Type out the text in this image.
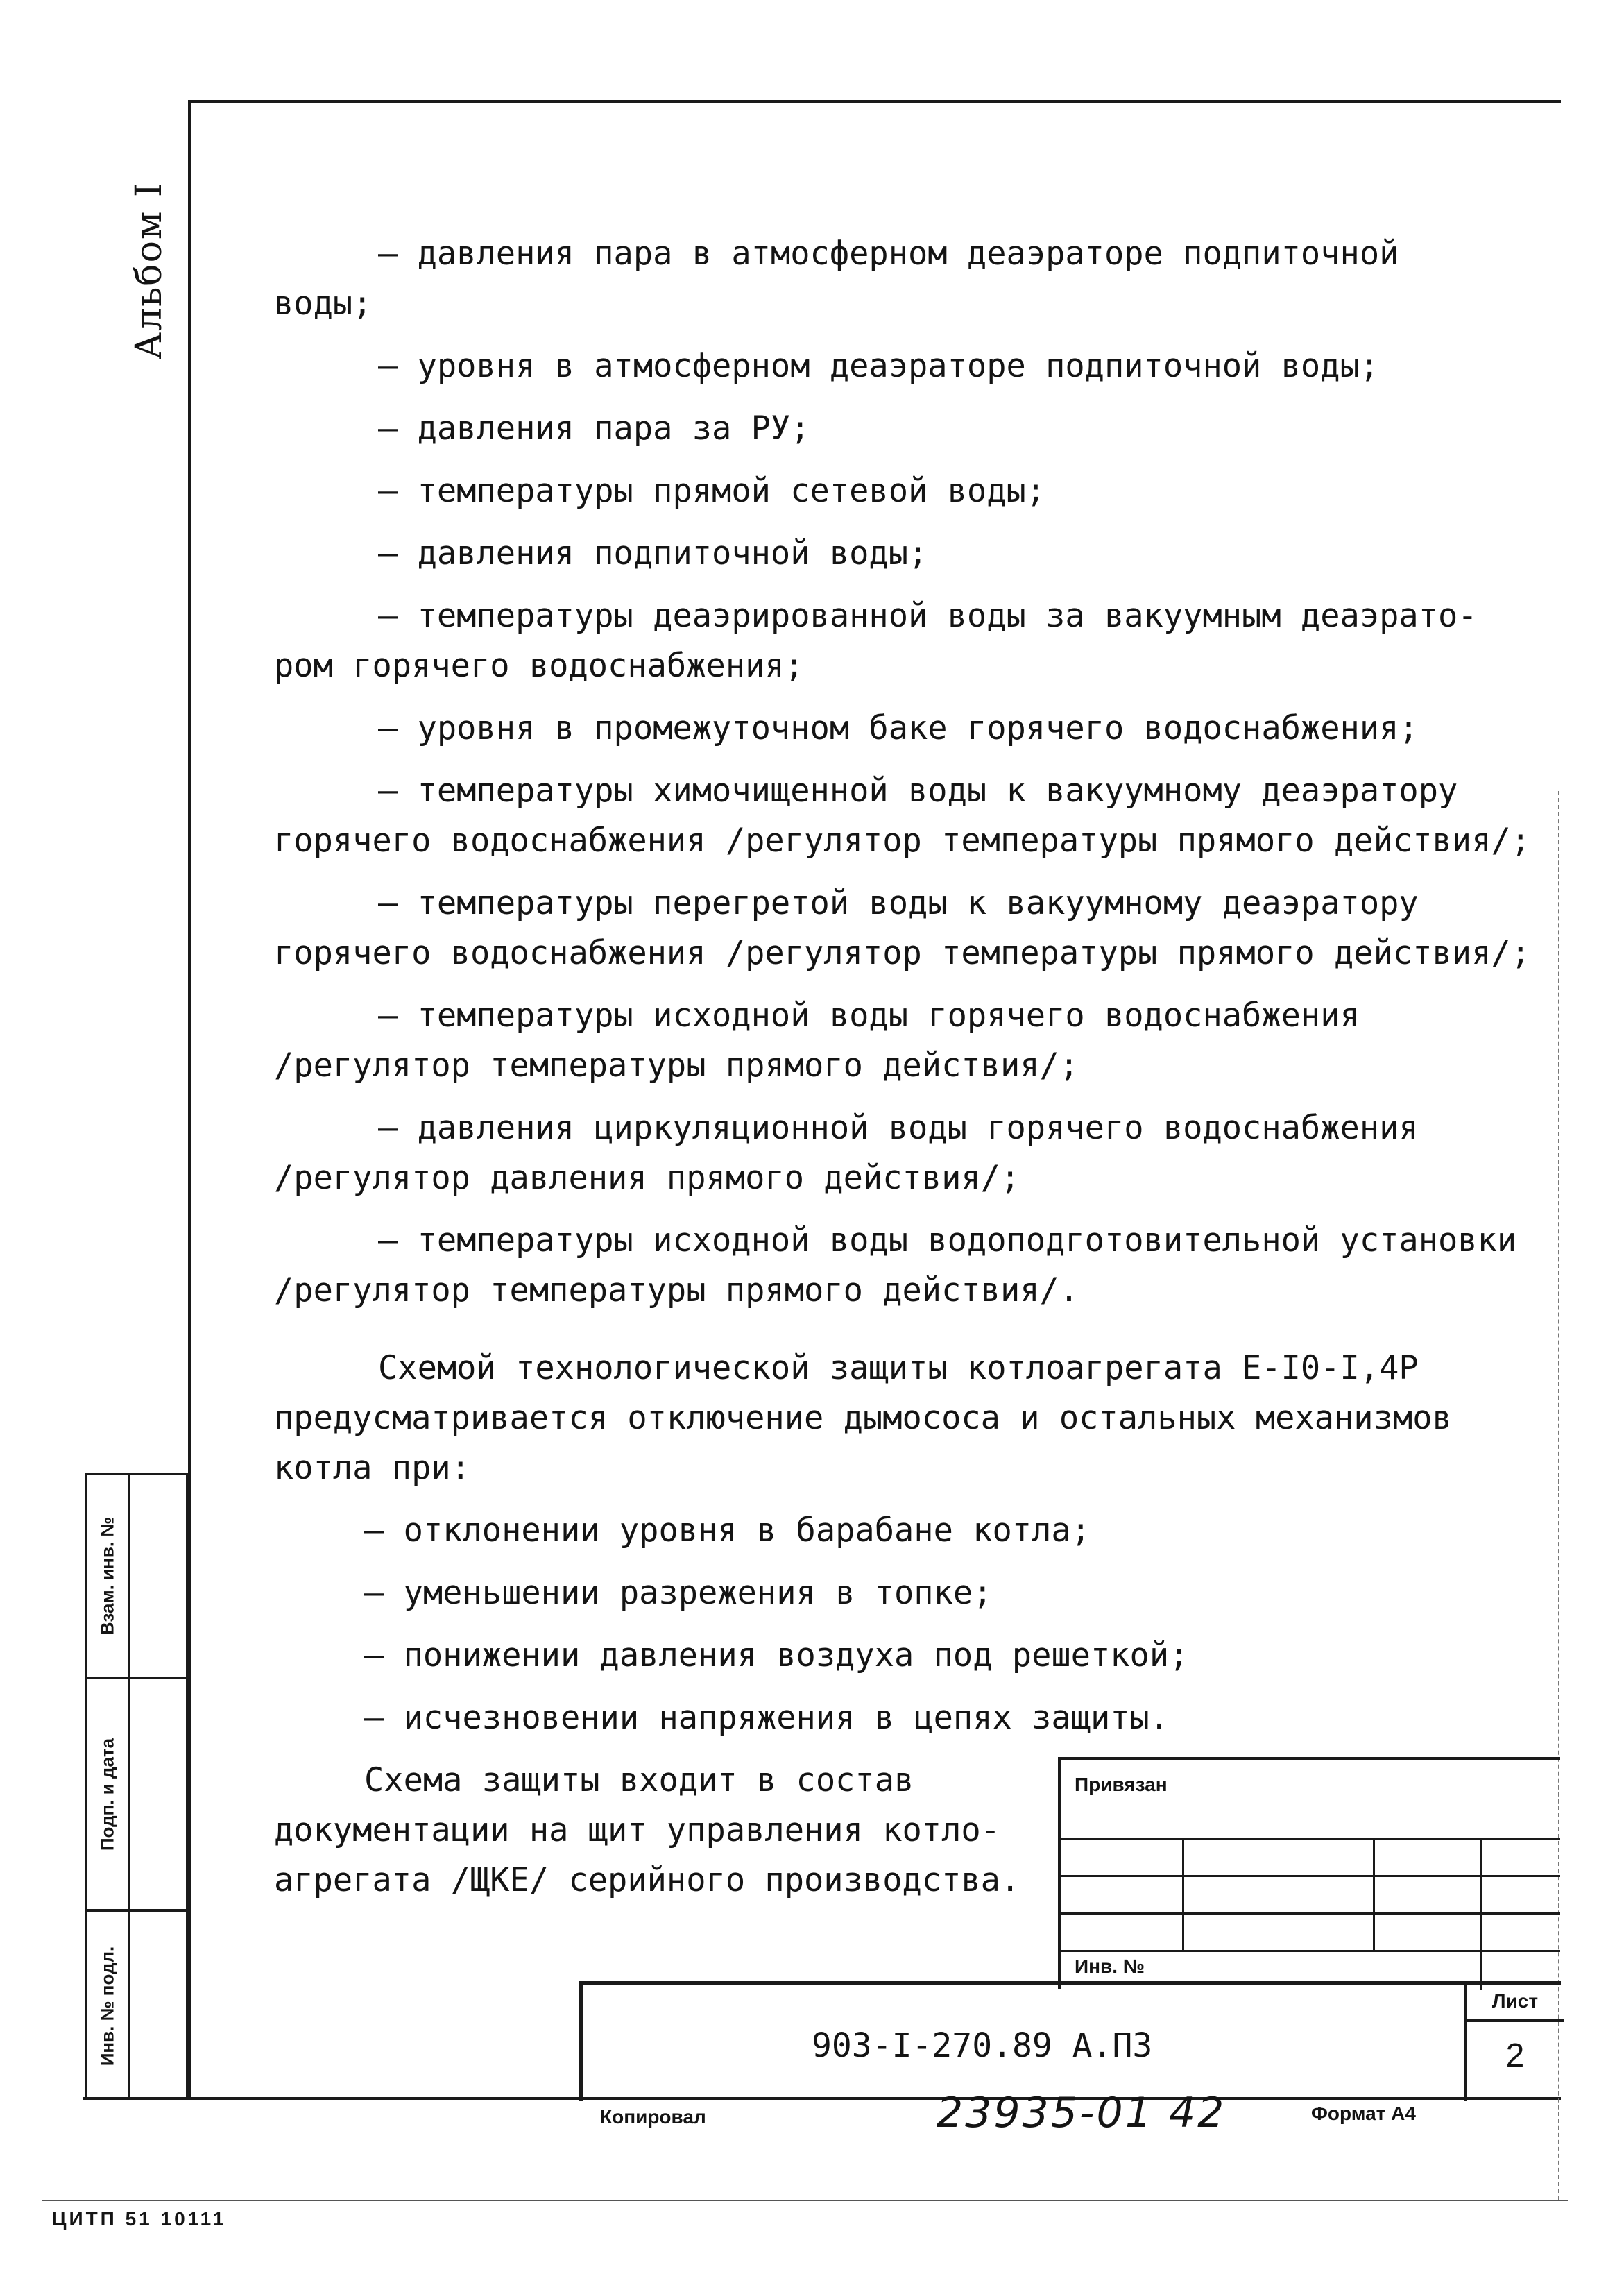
Альбом I
Взам. инв. №
Подп. и дата
Инв. № подл.

– давления пара в атмосферном деаэраторе подпиточной

воды;

– уровня в атмосферном деаэраторе подпиточной воды;

– давления пара за РУ;

– температуры прямой сетевой воды;

– давления подпиточной воды;

– температуры деаэрированной воды за вакуумным деаэрато-

ром горячего водоснабжения;

– уровня в промежуточном баке горячего водоснабжения;

– температуры химочищенной воды к вакуумному деаэратору

горячего водоснабжения /регулятор температуры прямого действия/;

– температуры перегретой воды к вакуумному деаэратору

горячего водоснабжения /регулятор температуры прямого действия/;

– температуры исходной воды горячего водоснабжения

/регулятор температуры прямого действия/;

– давления циркуляционной воды горячего водоснабжения

/регулятор давления прямого действия/;

– температуры исходной воды водоподготовительной установки

/регулятор температуры прямого действия/.

Схемой технологической защиты котлоагрегата Е-I0-I,4Р

предусматривается отключение дымососа и остальных механизмов

котла при:

– отклонении уровня в барабане котла;

– уменьшении разрежения в топке;

– понижении давления воздуха под решеткой;

– исчезновении напряжения в цепях защиты.

Схема защиты входит в состав

документации на щит управления котло-

агрегата /ЩКЕ/ серийного производства.

Привязан
Инв. №
903-I-270.89 А.ПЗ
Лист
2
Копировал	23935-01 42	Формат А4
ЦИТП 51 10111
